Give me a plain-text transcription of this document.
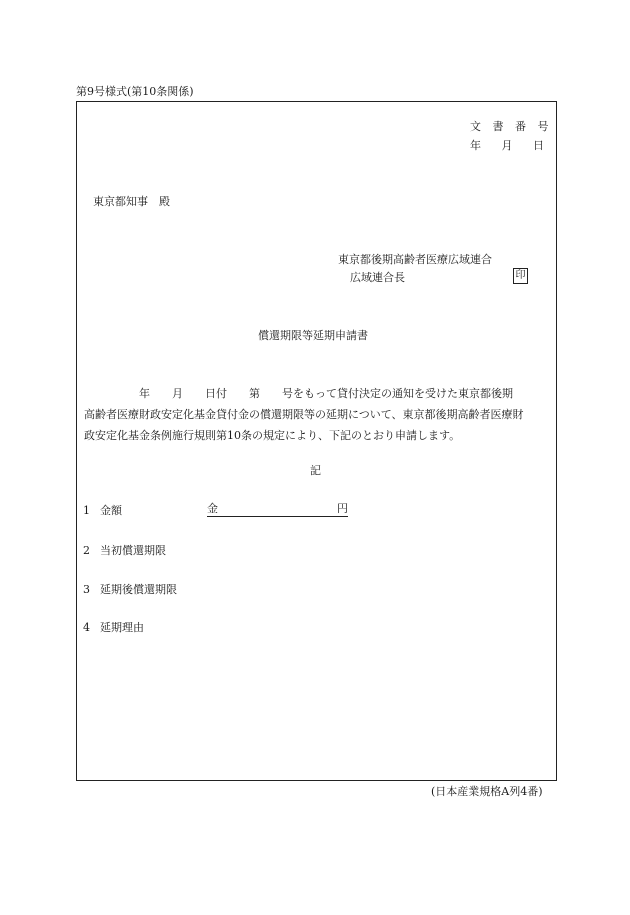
第9号様式(第10条関係)
文 書 番 号
年　 月　 日
東京都知事　殿
東京都後期高齢者医療広域連合
広域連合長	印
償還期限等延期申請書
　　　　　年　　月　　日付　　第　　号をもって貸付決定の通知を受けた東京都後期
高齢者医療財政安定化基金貸付金の償還期限等の延期について、東京都後期高齢者医療財
政安定化基金条例施行規則第10条の規定により、下記のとおり申請します。
記
1 金額	金	円
2 当初償還期限
3 延期後償還期限
4 延期理由
(日本産業規格A列4番)
